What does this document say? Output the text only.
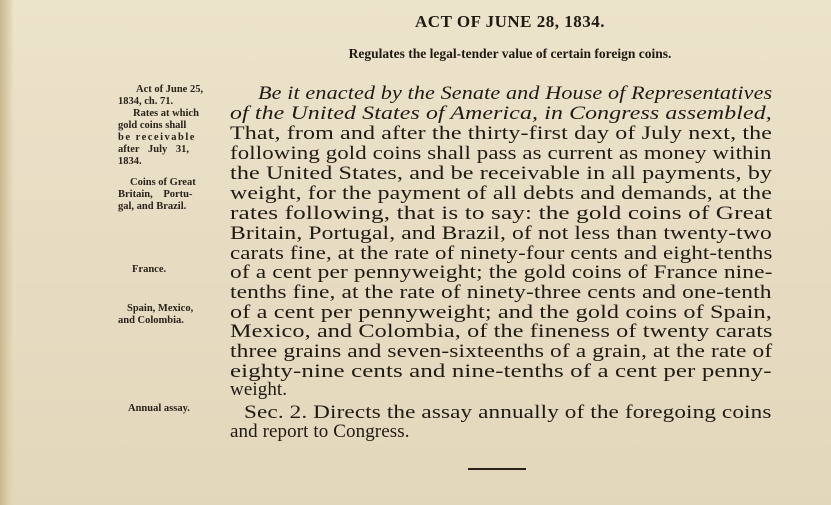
ACT OF JUNE 28, 1834.
Regulates the legal-tender value of certain foreign coins.
Act of June 25,
1834, ch. 71.
Rates at which
gold coins shall
be receivable
after July 31,
1834.
Coins of Great
Britain, Portu-
gal, and Brazil.
France.
Spain, Mexico,
and Colombia.
Annual assay.
Be it enacted by the Senate and House of Representatives
of the United States of America, in Congress assembled,
That, from and after the thirty-first day of July next, the
following gold coins shall pass as current as money within
the United States, and be receivable in all payments, by
weight, for the payment of all debts and demands, at the
rates following, that is to say: the gold coins of Great
Britain, Portugal, and Brazil, of not less than twenty-two
carats fine, at the rate of ninety-four cents and eight-tenths
of a cent per pennyweight; the gold coins of France nine-
tenths fine, at the rate of ninety-three cents and one-tenth
of a cent per pennyweight; and the gold coins of Spain,
Mexico, and Colombia, of the fineness of twenty carats
three grains and seven-sixteenths of a grain, at the rate of
eighty-nine cents and nine-tenths of a cent per penny-
weight.
Sec. 2. Directs the assay annually of the foregoing coins
and report to Congress.
